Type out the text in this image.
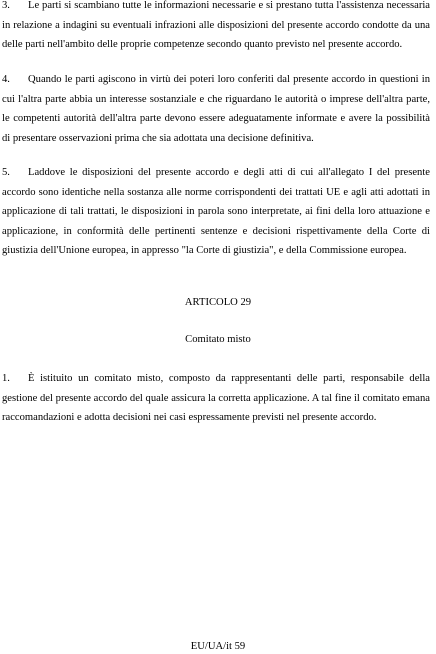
3. Le parti si scambiano tutte le informazioni necessarie e si prestano tutta l'assistenza necessaria in relazione a indagini su eventuali infrazioni alle disposizioni del presente accordo condotte da una delle parti nell'ambito delle proprie competenze secondo quanto previsto nel presente accordo.

4. Quando le parti agiscono in virtù dei poteri loro conferiti dal presente accordo in questioni in cui l'altra parte abbia un interesse sostanziale e che riguardano le autorità o imprese dell'altra parte, le competenti autorità dell'altra parte devono essere adeguatamente informate e avere la possibilità di presentare osservazioni prima che sia adottata una decisione definitiva.

5. Laddove le disposizioni del presente accordo e degli atti di cui all'allegato I del presente accordo sono identiche nella sostanza alle norme corrispondenti dei trattati UE e agli atti adottati in applicazione di tali trattati, le disposizioni in parola sono interpretate, ai fini della loro attuazione e applicazione, in conformità delle pertinenti sentenze e decisioni rispettivamente della Corte di giustizia dell'Unione europea, in appresso "la Corte di giustizia", e della Commissione europea.

ARTICOLO 29
Comitato misto

1. È istituito un comitato misto, composto da rappresentanti delle parti, responsabile della gestione del presente accordo del quale assicura la corretta applicazione. A tal fine il comitato emana raccomandazioni e adotta decisioni nei casi espressamente previsti nel presente accordo.

EU/UA/it 59
